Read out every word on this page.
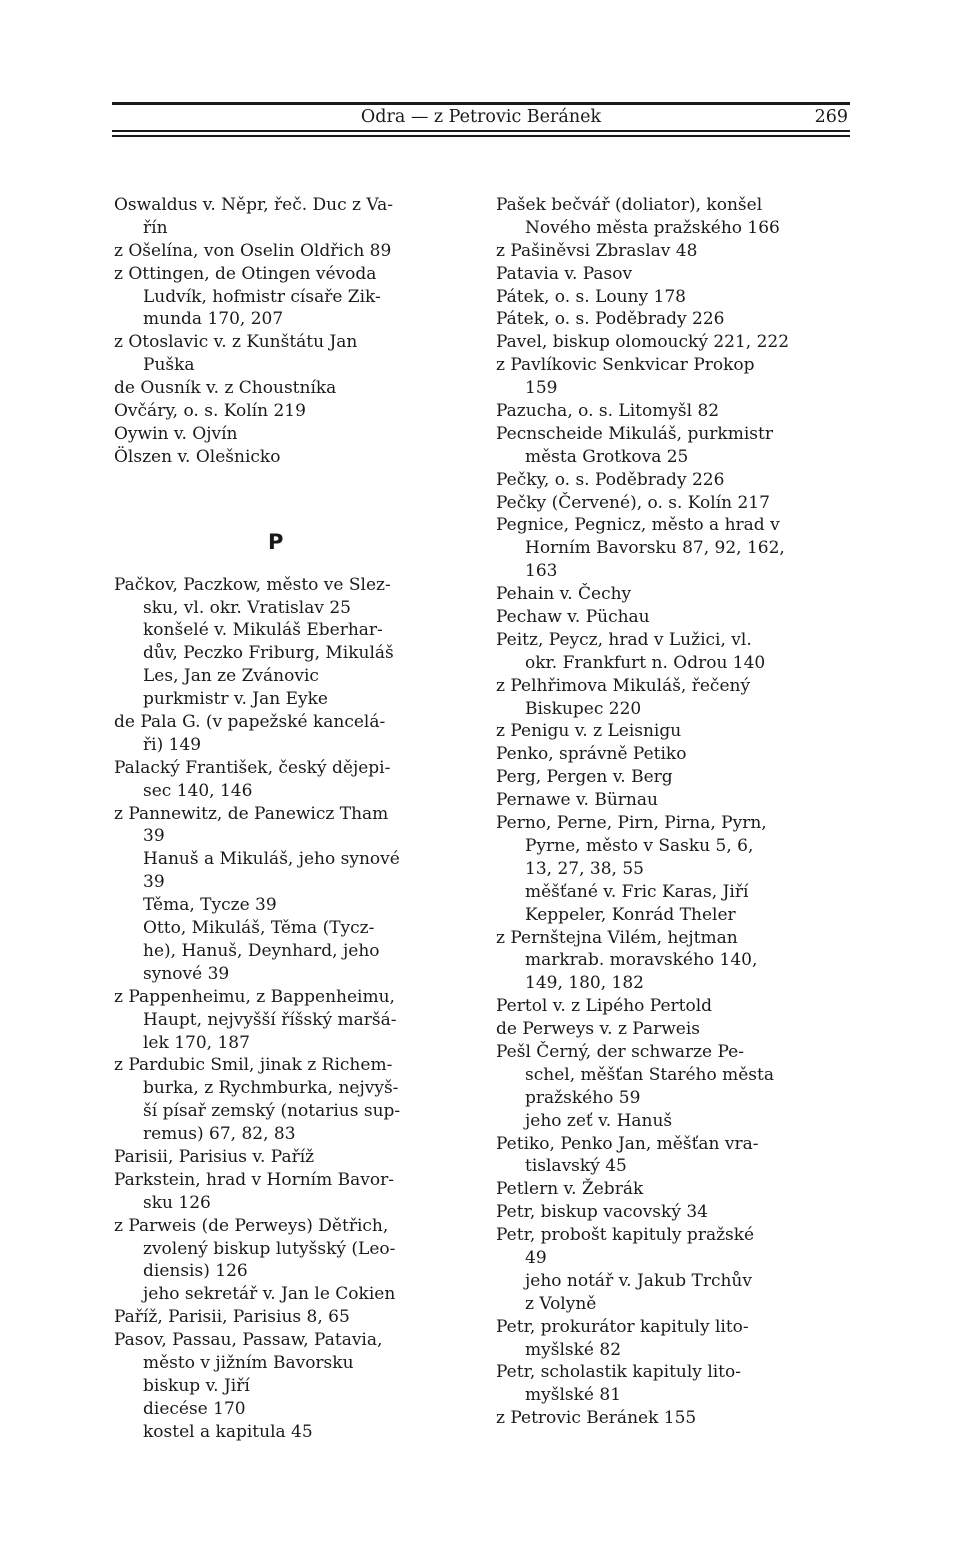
Odra — z Petrovic Beránek	269
Oswaldus v. Něpr, řeč. Duc z Va-
řín
z Ošelína, von Oselin Oldřich 89
z Ottingen, de Otingen vévoda
Ludvík, hofmistr císaře Zik-
munda 170, 207
z Otoslavic v. z Kunštátu Jan
Puška
de Ousník v. z Choustníka
Ovčáry, o. s. Kolín 219
Oywin v. Ojvín
Ölszen v. Olešnicko
P
Pačkov, Paczkow, město ve Slez-
sku, vl. okr. Vratislav 25
konšelé v. Mikuláš Eberhar-
dův, Peczko Friburg, Mikuláš
Les, Jan ze Zvánovic
purkmistr v. Jan Eyke
de Pala G. (v papežské kancelá-
ři) 149
Palacký František, český dějepi-
sec 140, 146
z Pannewitz, de Panewicz Tham
39
Hanuš a Mikuláš, jeho synové
39
Těma, Tycze 39
Otto, Mikuláš, Těma (Tycz-
he), Hanuš, Deynhard, jeho
synové 39
z Pappenheimu, z Bappenheimu,
Haupt, nejvyšší říšský maršá-
lek 170, 187
z Pardubic Smil, jinak z Richem-
burka, z Rychmburka, nejvyš-
ší písař zemský (notarius sup-
remus) 67, 82, 83
Parisii, Parisius v. Paříž
Parkstein, hrad v Horním Bavor-
sku 126
z Parweis (de Perweys) Dětřich,
zvolený biskup lutyšský (Leo-
diensis) 126
jeho sekretář v. Jan le Cokien
Paříž, Parisii, Parisius 8, 65
Pasov, Passau, Passaw, Patavia,
město v jižním Bavorsku
biskup v. Jiří
diecése 170
kostel a kapitula 45
Pašek bečvář (doliator), konšel
Nového města pražského 166
z Pašiněvsi Zbraslav 48
Patavia v. Pasov
Pátek, o. s. Louny 178
Pátek, o. s. Poděbrady 226
Pavel, biskup olomoucký 221, 222
z Pavlíkovic Senkvicar Prokop
159
Pazucha, o. s. Litomyšl 82
Pecnscheide Mikuláš, purkmistr
města Grotkova 25
Pečky, o. s. Poděbrady 226
Pečky (Červené), o. s. Kolín 217
Pegnice, Pegnicz, město a hrad v
Horním Bavorsku 87, 92, 162,
163
Pehain v. Čechy
Pechaw v. Püchau
Peitz, Peycz, hrad v Lužici, vl.
okr. Frankfurt n. Odrou 140
z Pelhřimova Mikuláš, řečený
Biskupec 220
z Penigu v. z Leisnigu
Penko, správně Petiko
Perg, Pergen v. Berg
Pernawe v. Bürnau
Perno, Perne, Pirn, Pirna, Pyrn,
Pyrne, město v Sasku 5, 6,
13, 27, 38, 55
měšťané v. Fric Karas, Jiří
Keppeler, Konrád Theler
z Pernštejna Vilém, hejtman
markrab. moravského 140,
149, 180, 182
Pertol v. z Lipého Pertold
de Perweys v. z Parweis
Pešl Černý, der schwarze Pe-
schel, měšťan Starého města
pražského 59
jeho zeť v. Hanuš
Petiko, Penko Jan, měšťan vra-
tislavský 45
Petlern v. Žebrák
Petr, biskup vacovský 34
Petr, probošt kapituly pražské
49
jeho notář v. Jakub Trchův
z Volyně
Petr, prokurátor kapituly lito-
myšlské 82
Petr, scholastik kapituly lito-
myšlské 81
z Petrovic Beránek 155
